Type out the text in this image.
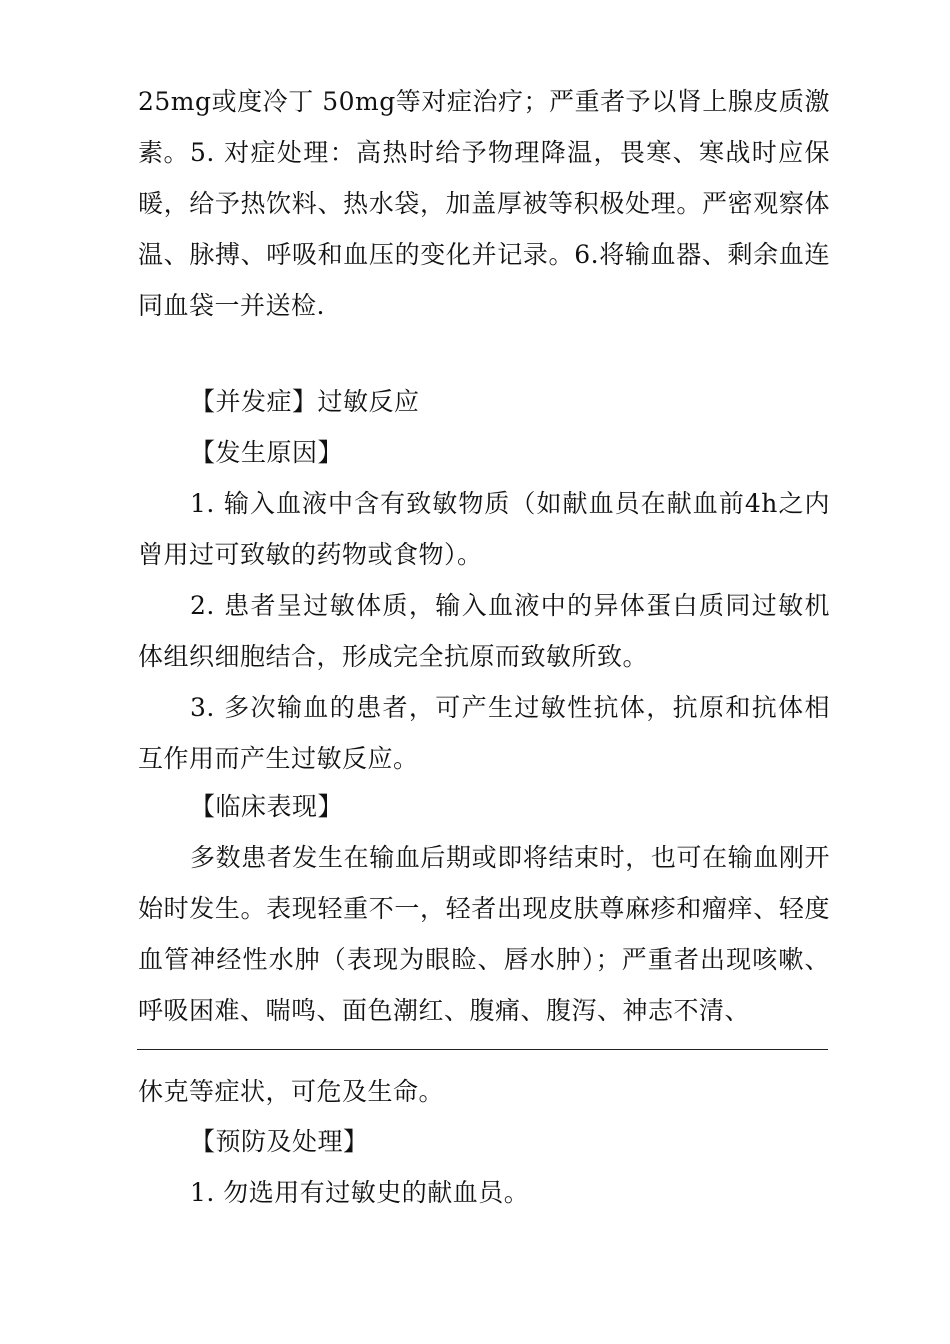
25mg或度冷丁 50mg等对症治疗；严重者予以肾上腺皮质激素。 5. 对症处理：高热时给予物理降温，畏寒、寒战时应保暖，给予热饮料、热水袋，加盖厚被等积极处理。严密观察体温、脉搏、呼吸和血压的变化并记录。6.将输血器、剩余血连同血袋一并送检.

【并发症】过敏反应

【发生原因】

1. 输入血液中含有致敏物质（如献血员在献血前4h之内曾用过可致敏的药物或食物）。

2. 患者呈过敏体质，输入血液中的异体蛋白质同过敏机体组织细胞结合，形成完全抗原而致敏所致。

3. 多次输血的患者，可产生过敏性抗体，抗原和抗体相互作用而产生过敏反应。

【临床表现】

多数患者发生在输血后期或即将结束时，也可在输血刚开始时发生。表现轻重不一，轻者出现皮肤尊麻疹和瘤痒、轻度血管神经性水肿（表现为眼睑、唇水肿）；严重者出现咳嗽、呼吸困难、喘鸣、面色潮红、腹痛、腹泻、神志不清、

休克等症状，可危及生命。

【预防及处理】

1. 勿选用有过敏史的献血员。
